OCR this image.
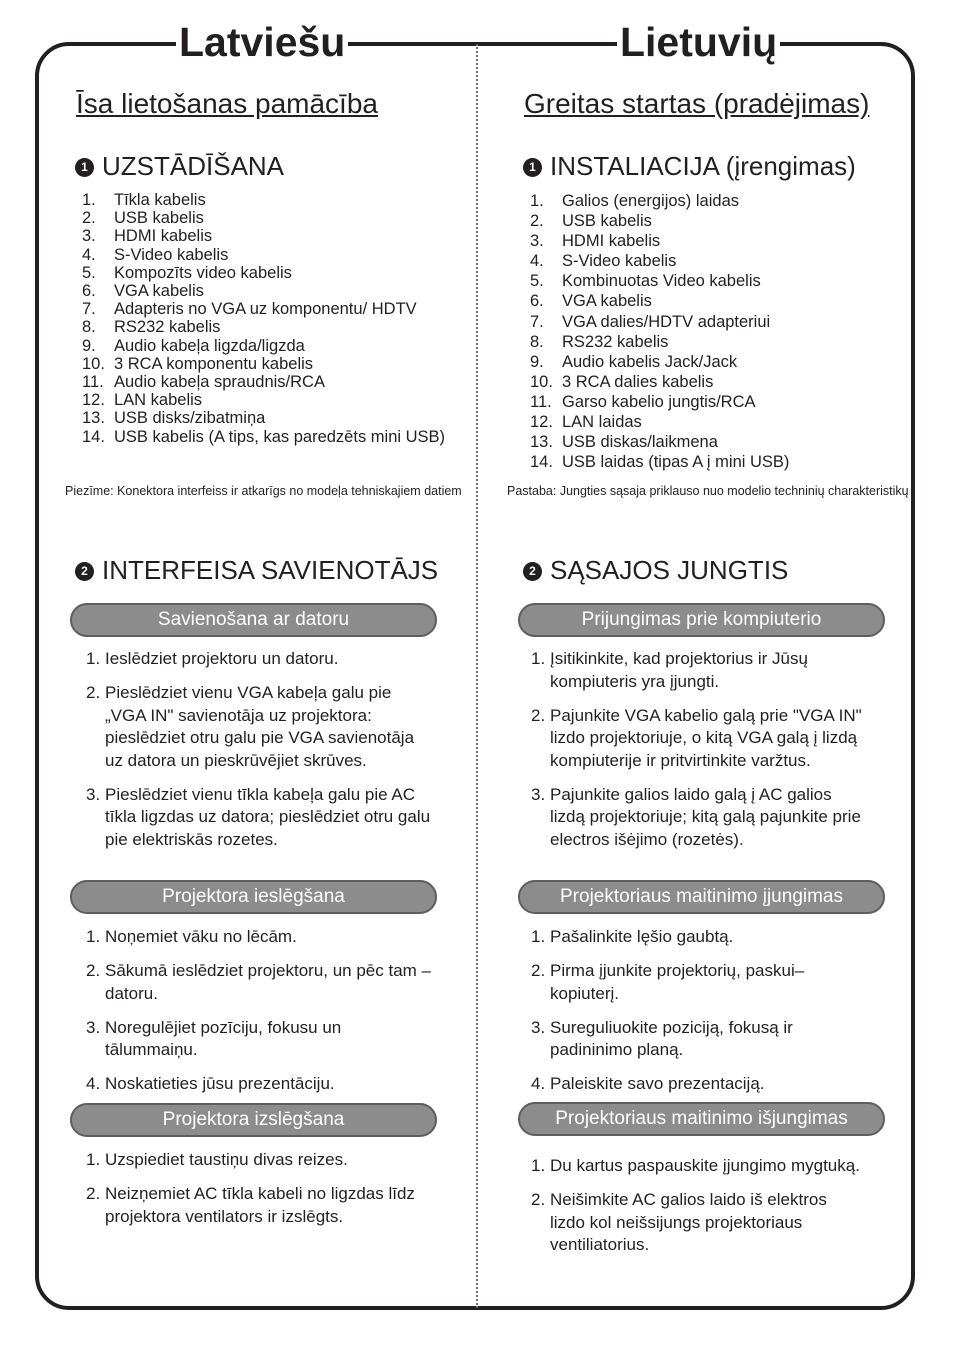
Latviešu
Īsa lietošanas pamācība
1 UZSTĀDĪŠANA
1. Tīkla kabelis
2. USB kabelis
3. HDMI kabelis
4. S-Video kabelis
5. Kompozīts video kabelis
6. VGA kabelis
7. Adapteris no VGA uz komponentu/ HDTV
8. RS232 kabelis
9. Audio kabeļa ligzda/ligzda
10. 3 RCA komponentu kabelis
11. Audio kabeļa spraudnis/RCA
12. LAN kabelis
13. USB disks/zibatmiņa
14. USB kabelis (A tips, kas paredzēts mini USB)
Piezīme: Konektora interfeiss ir atkarīgs no modeļa tehniskajiem datiem
2 INTERFEISA SAVIENOTĀJS
Savienošana ar datoru
1. Ieslēdziet projektoru un datoru.
2. Pieslēdziet vienu VGA kabeļa galu pie „VGA IN" savienotāja uz projektora: pieslēdziet otru galu pie VGA savienotāja uz datora un pieskrūvējiet skrūves.
3. Pieslēdziet vienu tīkla kabeļa galu pie AC tīkla ligzdas uz datora; pieslēdziet otru galu pie elektriskās rozetes.
Projektora ieslēgšana
1. Noņemiet vāku no lēcām.
2. Sākumā ieslēdziet projektoru, un pēc tam – datoru.
3. Noregulējiet pozīciju, fokusu un tālummaiņu.
4. Noskatieties jūsu prezentāciju.
Projektora izslēgšana
1. Uzspiediet taustiņu divas reizes.
2. Neizņemiet AC tīkla kabeli no ligzdas līdz projektora ventilators ir izslēgts.
Lietuvių
Greitas startas (pradėjimas)
1 INSTALIACIJA (įrengimas)
1. Galios (energijos) laidas
2. USB kabelis
3. HDMI kabelis
4. S-Video kabelis
5. Kombinuotas Video kabelis
6. VGA kabelis
7. VGA dalies/HDTV adapteriui
8. RS232 kabelis
9. Audio kabelis Jack/Jack
10. 3 RCA dalies kabelis
11. Garso kabelio jungtis/RCA
12. LAN laidas
13. USB diskas/laikmena
14. USB laidas (tipas A į mini USB)
Pastaba: Jungties sąsaja priklauso nuo modelio techninių charakteristikų
2 SĄSAJOS JUNGTIS
Prijungimas prie kompiuterio
1. Įsitikinkite, kad projektorius ir Jūsų kompiuteris yra įjungti.
2. Pajunkite VGA kabelio galą prie "VGA IN" lizdo projektoriuje, o kitą VGA galą į lizdą kompiuterije ir pritvirtinkite varžtus.
3. Pajunkite galios laido galą į AC galios lizdą projektoriuje; kitą galą pajunkite prie electros išėjimo (rozetės).
Projektoriaus maitinimo įjungimas
1. Pašalinkite lęšio gaubtą.
2. Pirma įjunkite projektorių, paskui–kopiuterį.
3. Sureguliuokite poziciją, fokusą ir padininimo planą.
4. Paleiskite savo prezentaciją.
Projektoriaus maitinimo išjungimas
1. Du kartus paspauskite įjungimo mygtuką.
2. Neišimkite AC galios laido iš elektros lizdo kol neišsijungs projektoriaus ventiliatorius.
